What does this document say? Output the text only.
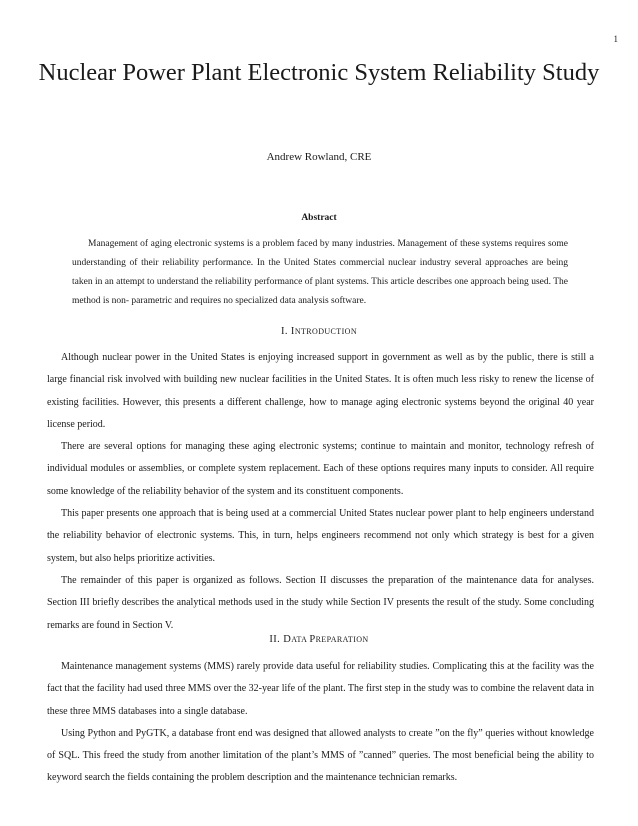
1
Nuclear Power Plant Electronic System Reliability Study
Andrew Rowland, CRE
Abstract

Management of aging electronic systems is a problem faced by many industries. Management of these systems requires some understanding of their reliability performance. In the United States commercial nuclear industry several approaches are being taken in an attempt to understand the reliability performance of plant systems. This article describes one approach being used. The method is non- parametric and requires no specialized data analysis software.

I. INTRODUCTION

Although nuclear power in the United States is enjoying increased support in government as well as by the public, there is still a large financial risk involved with building new nuclear facilities in the United States. It is often much less risky to renew the license of existing facilities. However, this presents a different challenge, how to manage aging electronic systems beyond the original 40 year license period.

There are several options for managing these aging electronic systems; continue to maintain and monitor, technology refresh of individual modules or assemblies, or complete system replacement. Each of these options requires many inputs to consider. All require some knowledge of the reliability behavior of the system and its constituent components.

This paper presents one approach that is being used at a commercial United States nuclear power plant to help engineers understand the reliability behavior of electronic systems. This, in turn, helps engineers recommend not only which strategy is best for a given system, but also helps prioritize activities.

The remainder of this paper is organized as follows. Section II discusses the preparation of the maintenance data for analyses. Section III briefly describes the analytical methods used in the study while Section IV presents the result of the study. Some concluding remarks are found in Section V.

II. DATA PREPARATION

Maintenance management systems (MMS) rarely provide data useful for reliability studies. Complicating this at the facility was the fact that the facility had used three MMS over the 32-year life of the plant. The first step in the study was to combine the relavent data in these three MMS databases into a single database.

Using Python and PyGTK, a database front end was designed that allowed analysts to create ”on the fly” queries without knowledge of SQL. This freed the study from another limitation of the plant’s MMS of ”canned” queries. The most beneficial being the ability to keyword search the fields containing the problem description and the maintenance technician remarks.
